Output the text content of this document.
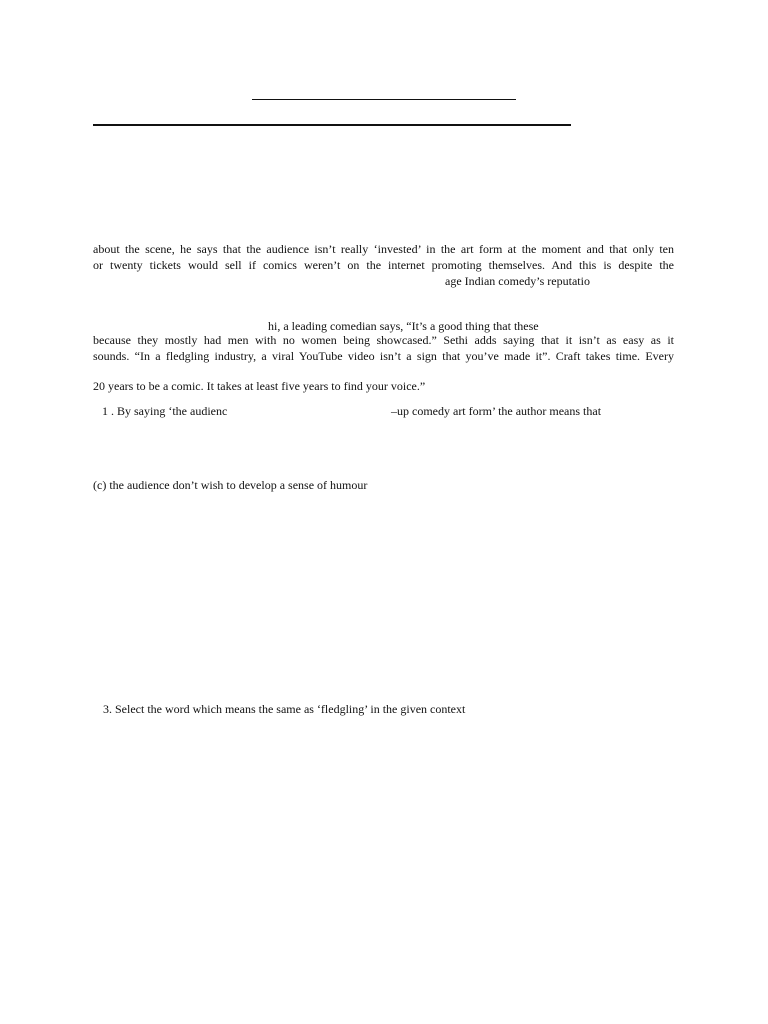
about the scene, he says that the audience isn’t really ‘invested’ in the art form at the moment and that only ten
or twenty tickets would sell if comics weren’t on the internet promoting themselves. And this is despite the
age Indian comedy’s reputatio
hi, a leading comedian says, “It’s a good thing that these
because they mostly had men with no women being showcased.” Sethi adds saying that it isn’t as easy as it
sounds. “In a fledgling industry, a viral YouTube video isn’t a sign that you’ve made it”. Craft takes time. Every
20 years to be a comic. It takes at least five years to find your voice.”
1 . By saying ‘the audienc	–up comedy art form’ the author means that
(c) the audience don’t wish to develop a sense of humour
3. Select the word which means the same as ‘fledgling’ in the given context
